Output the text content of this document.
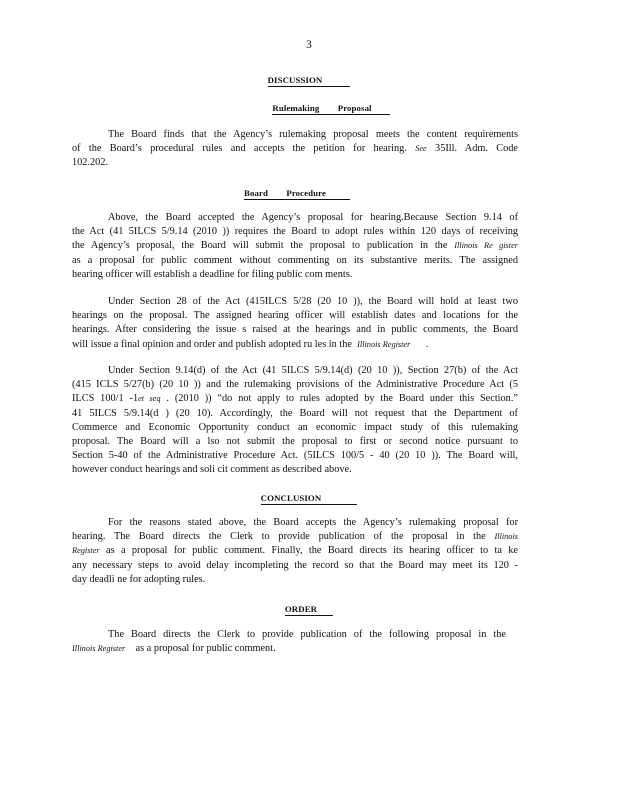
3
DISCUSSION
Rulemaking        Proposal
The Board finds that the Agency’s rulemaking proposal meets the content requirements
of the Board’s procedural rules and accepts the petition for hearing. See 35Ill. Adm. Code
102.202.
Board        Procedure
Above, the Board accepted the Agency’s proposal for hearing.Because Section 9.14 of
the Act (41 5ILCS 5/9.14 (2010 )) requires the Board to adopt rules within 120 days of receiving
the Agency’s proposal, the Board will submit the proposal to publication in the Illinois Re gister
as a proposal for public comment without commenting on its substantive merits. The assigned
hearing officer will establish a deadline for filing public com ments.
Under Section 28 of the Act (415ILCS 5/28 (20 10 )), the Board will hold at least two
hearings on the proposal. The assigned hearing officer will establish dates and locations for the
hearings. After considering the issue s raised at the hearings and in public comments, the Board
will issue a final opinion and order and publish adopted ru les in the Illinois Register .
Under Section 9.14(d) of the Act (41 5ILCS 5/9.14(d) (20 10 )), Section 27(b) of the Act
(415 ICLS 5/27(b) (20 10 )) and the rulemaking provisions of the Administrative Procedure Act (5
ILCS 100/1 -1et seq . (2010 )) “do not apply to rules adopted by the Board under this Section.”
41 5ILCS 5/9.14(d ) (20 10). Accordingly, the Board will not request that the Department of
Commerce and Economic Opportunity conduct an economic impact study of this rulemaking
proposal. The Board will a lso not submit the proposal to first or second notice pursuant to
Section 5-40 of the Administrative Procedure Act. (5ILCS 100/5 - 40 (20 10 )). The Board will,
however conduct hearings and soli cit comment as described above.
CONCLUSION
For the reasons stated above, the Board accepts the Agency’s rulemaking proposal for
hearing. The Board directs the Clerk to provide publication of the proposal in the Illinois
Register as a proposal for public comment. Finally, the Board directs its hearing officer to ta ke
any necessary steps to avoid delay incompleting the record so that the Board may meet its 120 -
day deadli ne for adopting rules.
ORDER
The Board directs the Clerk to provide publication of the following proposal in the
Illinois Register as a proposal for public comment.
